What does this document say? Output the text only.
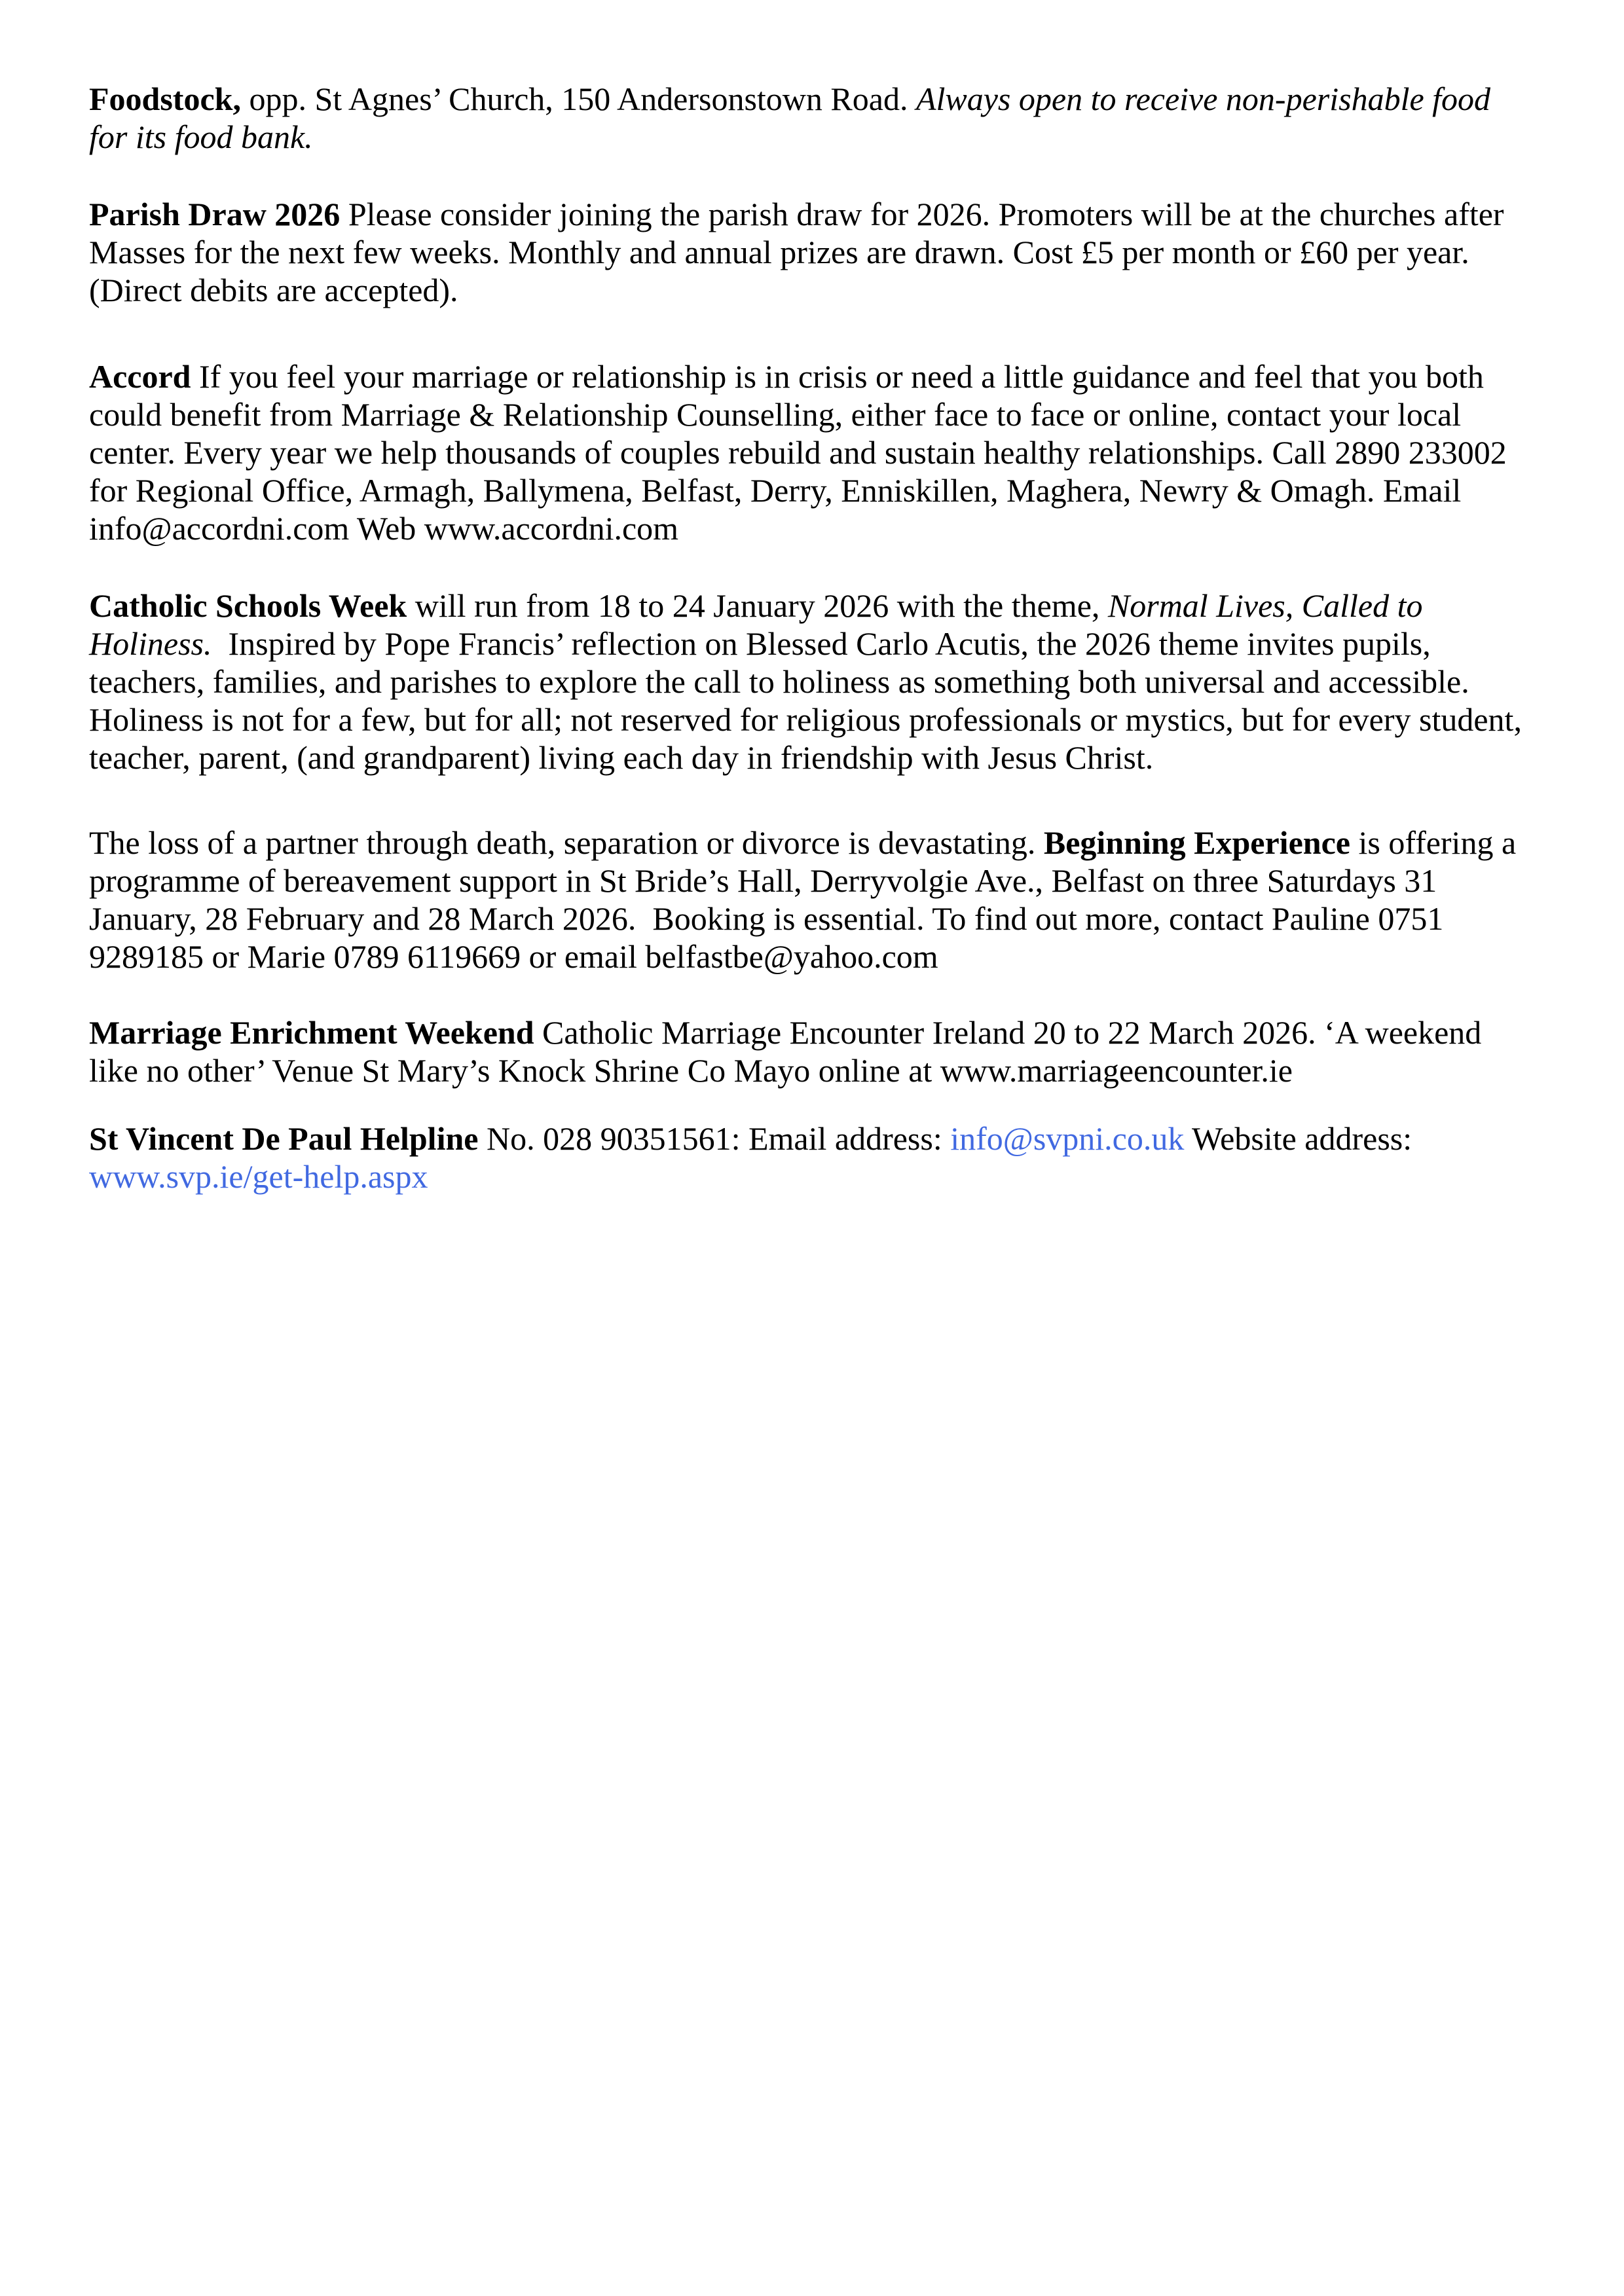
Foodstock, opp. St Agnes’ Church, 150 Andersonstown Road. Always open to receive non-perishable food for its food bank.

Parish Draw 2026 Please consider joining the parish draw for 2026. Promoters will be at the churches after Masses for the next few weeks. Monthly and annual prizes are drawn. Cost £5 per month or £60 per year. (Direct debits are accepted).

Accord If you feel your marriage or relationship is in crisis or need a little guidance and feel that you both could benefit from Marriage & Relationship Counselling, either face to face or online, contact your local center. Every year we help thousands of couples rebuild and sustain healthy relationships. Call 2890 233002 for Regional Office, Armagh, Ballymena, Belfast, Derry, Enniskillen, Maghera, Newry & Omagh. Email info@accordni.com Web www.accordni.com

Catholic Schools Week will run from 18 to 24 January 2026 with the theme, Normal Lives, Called to Holiness.  Inspired by Pope Francis’ reflection on Blessed Carlo Acutis, the 2026 theme invites pupils, teachers, families, and parishes to explore the call to holiness as something both universal and accessible. Holiness is not for a few, but for all; not reserved for religious professionals or mystics, but for every student, teacher, parent, (and grandparent) living each day in friendship with Jesus Christ.

The loss of a partner through death, separation or divorce is devastating. Beginning Experience is offering a programme of bereavement support in St Bride’s Hall, Derryvolgie Ave., Belfast on three Saturdays 31 January, 28 February and 28 March 2026.  Booking is essential. To find out more, contact Pauline 0751 9289185 or Marie 0789 6119669 or email belfastbe@yahoo.com

Marriage Enrichment Weekend Catholic Marriage Encounter Ireland 20 to 22 March 2026. ‘A weekend like no other’ Venue St Mary’s Knock Shrine Co Mayo online at www.marriageencounter.ie

St Vincent De Paul Helpline No. 028 90351561: Email address: info@svpni.co.uk Website address: www.svp.ie/get-help.aspx
